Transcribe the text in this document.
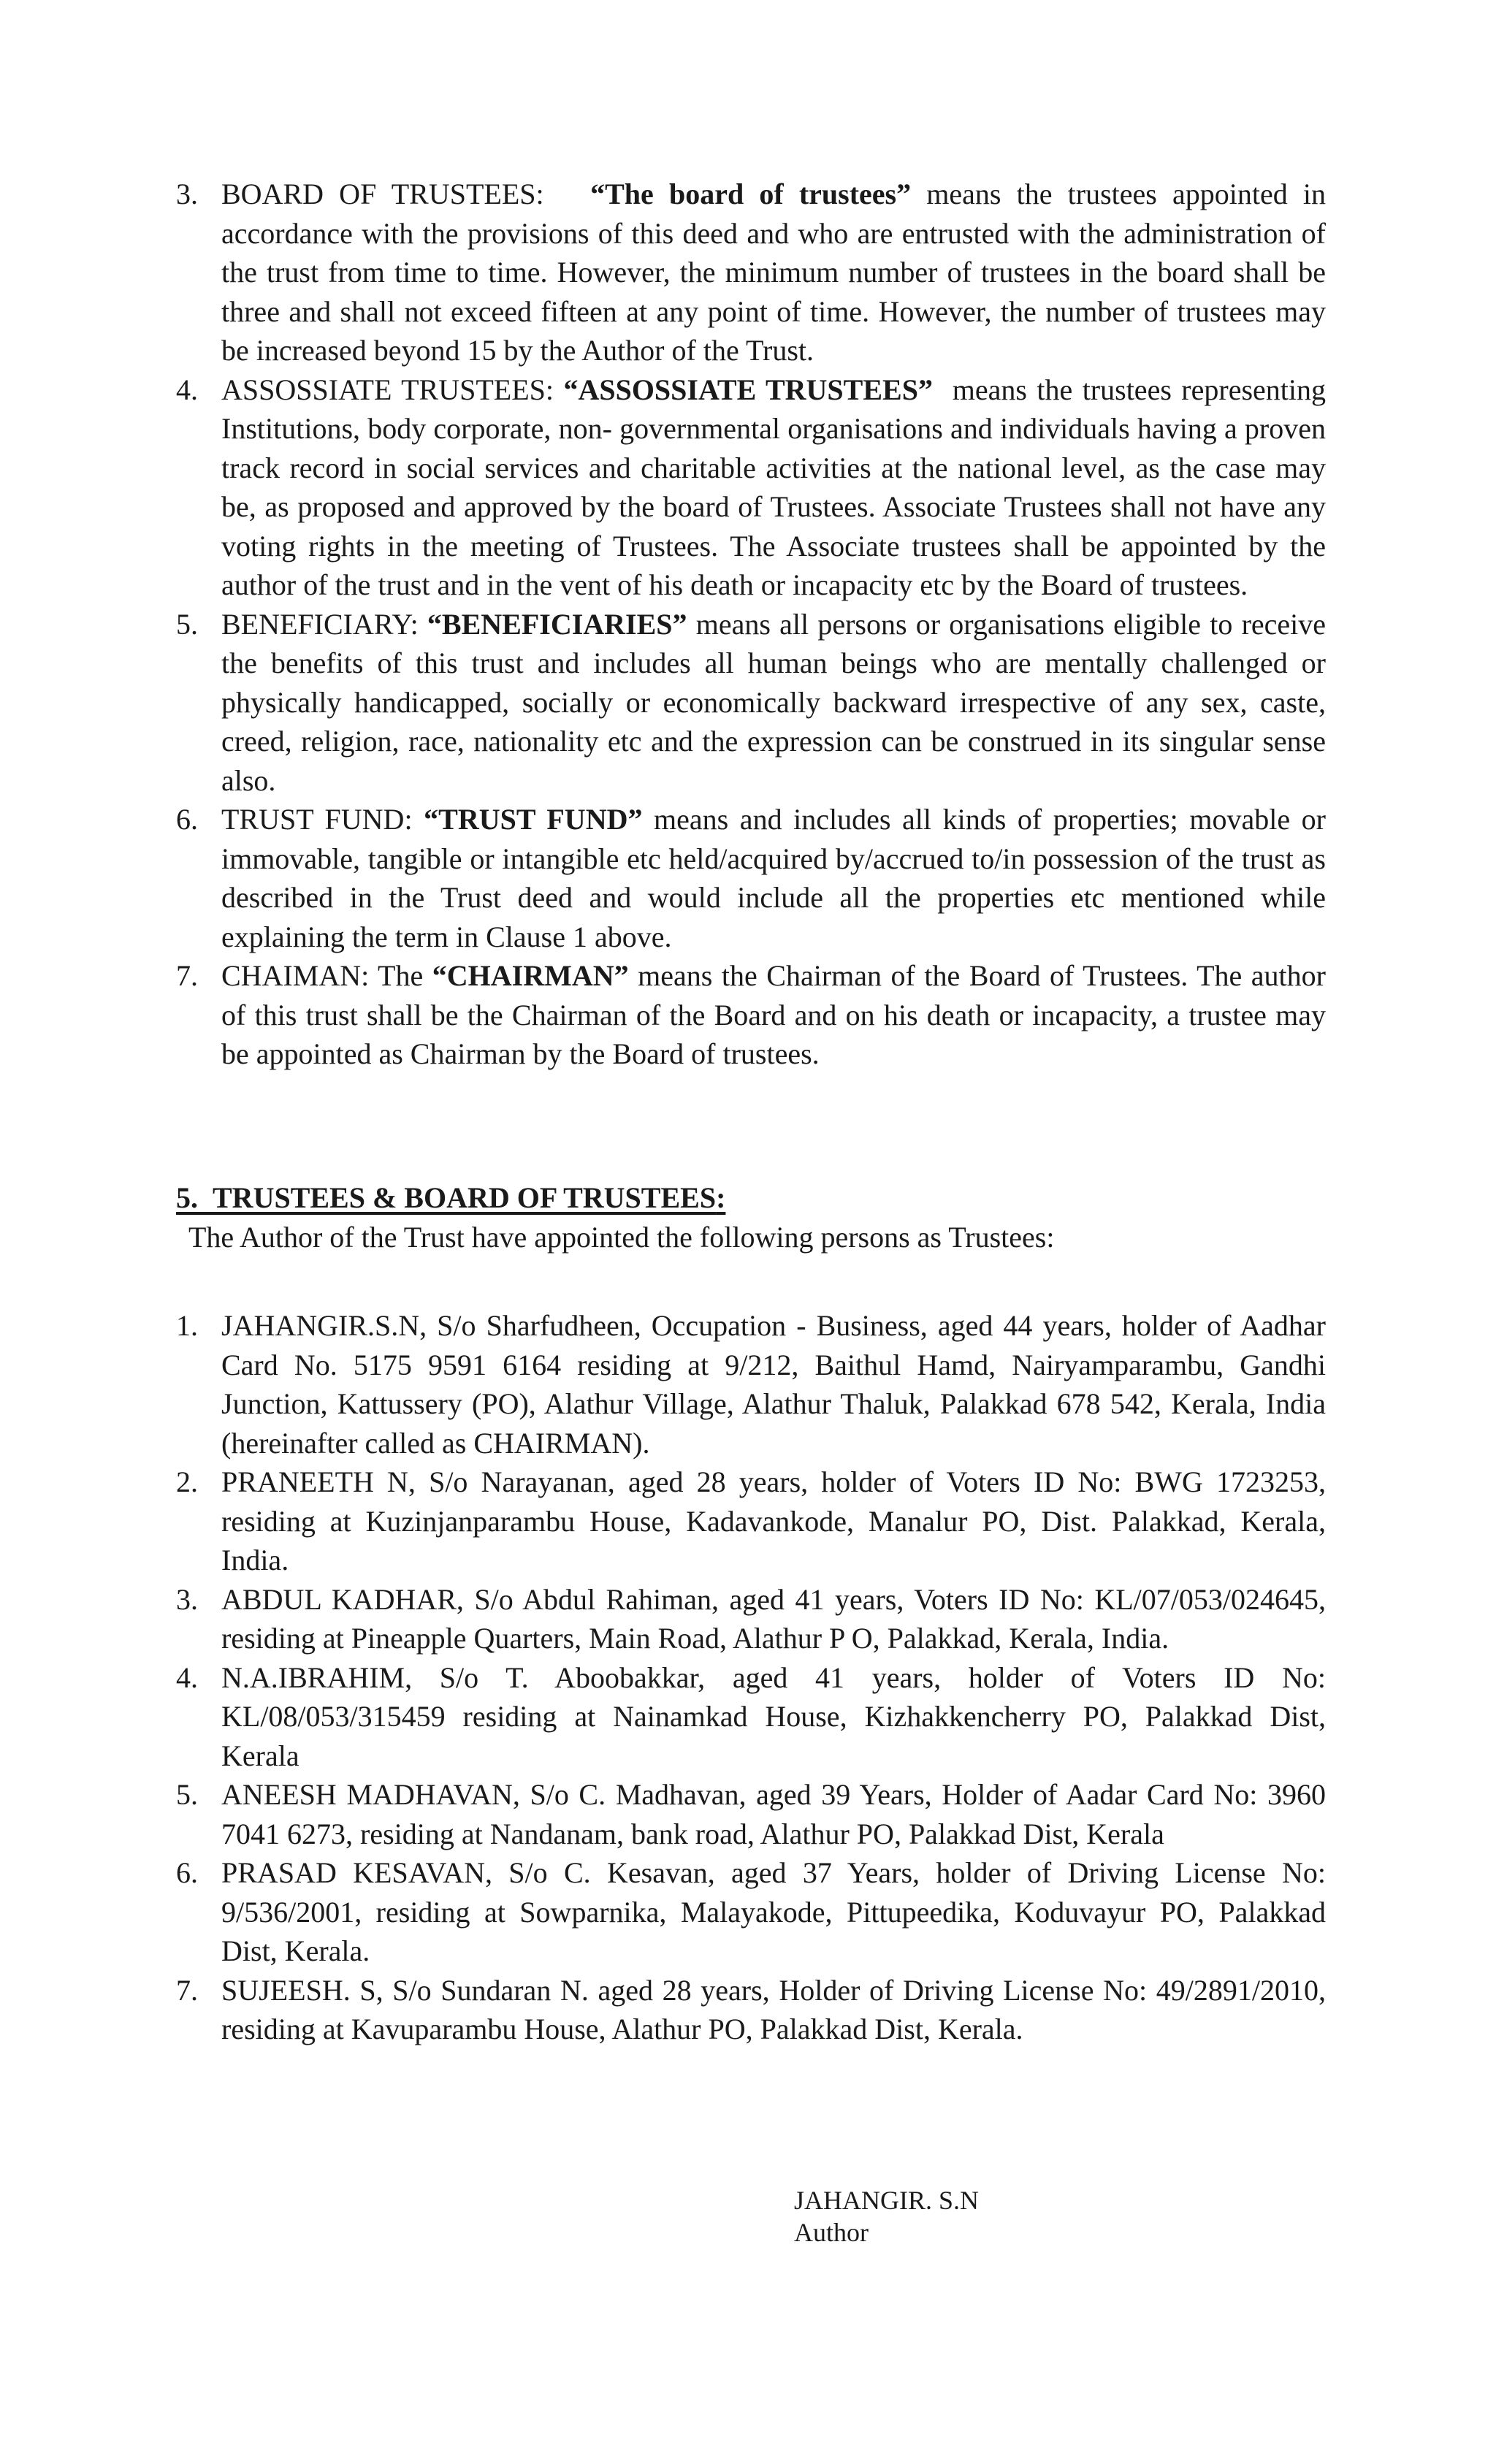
3. BOARD OF TRUSTEES: “The board of trustees” means the trustees appointed in accordance with the provisions of this deed and who are entrusted with the administration of the trust from time to time. However, the minimum number of trustees in the board shall be three and shall not exceed fifteen at any point of time. However, the number of trustees may be increased beyond 15 by the Author of the Trust.
4. ASSOSSIATE TRUSTEES: “ASSOSSIATE TRUSTEES” means the trustees representing Institutions, body corporate, non- governmental organisations and individuals having a proven track record in social services and charitable activities at the national level, as the case may be, as proposed and approved by the board of Trustees. Associate Trustees shall not have any voting rights in the meeting of Trustees. The Associate trustees shall be appointed by the author of the trust and in the vent of his death or incapacity etc by the Board of trustees.
5. BENEFICIARY: “BENEFICIARIES” means all persons or organisations eligible to receive the benefits of this trust and includes all human beings who are mentally challenged or physically handicapped, socially or economically backward irrespective of any sex, caste, creed, religion, race, nationality etc and the expression can be construed in its singular sense also.
6. TRUST FUND: “TRUST FUND” means and includes all kinds of properties; movable or immovable, tangible or intangible etc held/acquired by/accrued to/in possession of the trust as described in the Trust deed and would include all the properties etc mentioned while explaining the term in Clause 1 above.
7. CHAIMAN: The “CHAIRMAN” means the Chairman of the Board of Trustees. The author of this trust shall be the Chairman of the Board and on his death or incapacity, a trustee may be appointed as Chairman by the Board of trustees.
5. TRUSTEES & BOARD OF TRUSTEES:
The Author of the Trust have appointed the following persons as Trustees:
1. JAHANGIR.S.N, S/o Sharfudheen, Occupation - Business, aged 44 years, holder of Aadhar Card No. 5175 9591 6164 residing at 9/212, Baithul Hamd, Nairyamparambu, Gandhi Junction, Kattussery (PO), Alathur Village, Alathur Thaluk, Palakkad 678 542, Kerala, India (hereinafter called as CHAIRMAN).
2. PRANEETH N, S/o Narayanan, aged 28 years, holder of Voters ID No: BWG 1723253, residing at Kuzinjanparambu House, Kadavankode, Manalur PO, Dist. Palakkad, Kerala, India.
3. ABDUL KADHAR, S/o Abdul Rahiman, aged 41 years, Voters ID No: KL/07/053/024645, residing at Pineapple Quarters, Main Road, Alathur P O, Palakkad, Kerala, India.
4. N.A.IBRAHIM, S/o T. Aboobakkar, aged 41 years, holder of Voters ID No: KL/08/053/315459 residing at Nainamkad House, Kizhakkencherry PO, Palakkad Dist, Kerala
5. ANEESH MADHAVAN, S/o C. Madhavan, aged 39 Years, Holder of Aadar Card No: 3960 7041 6273, residing at Nandanam, bank road, Alathur PO, Palakkad Dist, Kerala
6. PRASAD KESAVAN, S/o C. Kesavan, aged 37 Years, holder of Driving License No: 9/536/2001, residing at Sowparnika, Malayakode, Pittupeedika, Koduvayur PO, Palakkad Dist, Kerala.
7. SUJEESH. S, S/o Sundaran N. aged 28 years, Holder of Driving License No: 49/2891/2010, residing at Kavuparambu House, Alathur PO, Palakkad Dist, Kerala.
JAHANGIR. S.N
Author
